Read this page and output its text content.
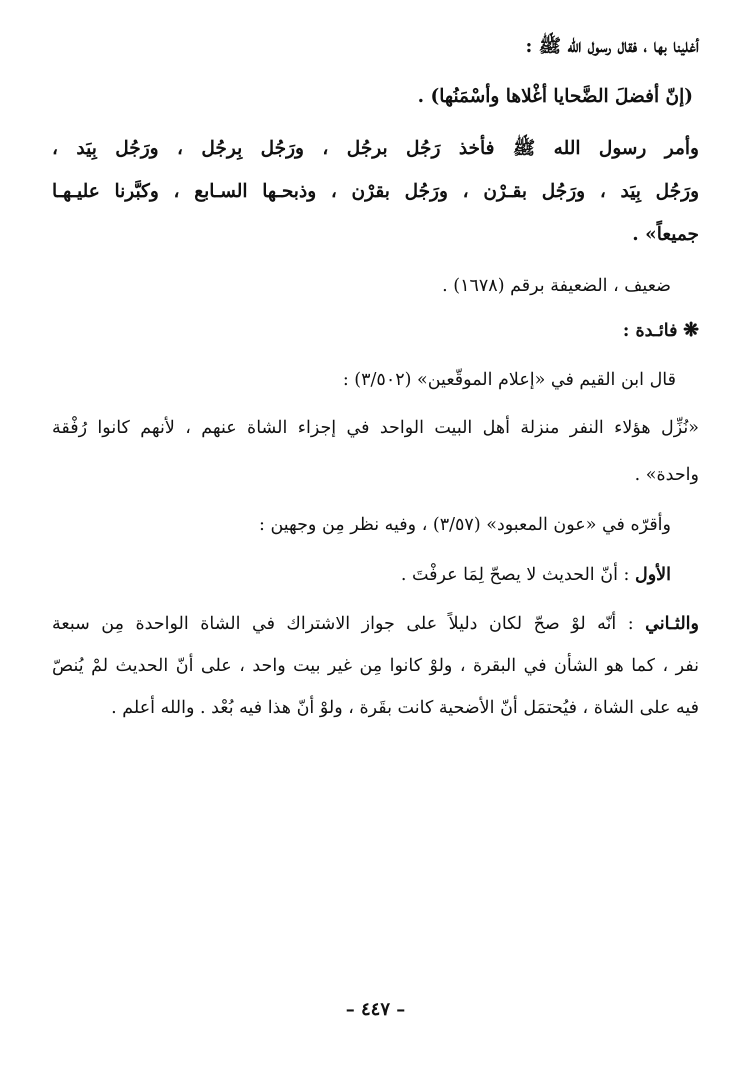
أغلينا بها ، فقال رسول الله ﷺ :
(إنّ أفضلَ الضَّحايا أغْلاها وأسْمَنُها) .
وأمر رسول الله ﷺ فأخذ رَجُل برجُل ، ورَجُل بِرجُل ، ورَجُل بِيَد ،
ورَجُل بِيَد ، ورَجُل بقـرْن ، ورَجُل بقرْن ، وذبحـها السـابع ، وكبَّرنا عليـهـا
جميعاً» .
ضعيف ، الضعيفة برقم (١٦٧٨) .
❋ فائـدة :
قال ابن القيم في «إعلام الموقّعين» (٣/٥٠٢) :
«نُزِّل هؤلاء النفر منزلة أهل البيت الواحد في إجزاء الشاة عنهم ، لأنهم كانوا رُفْقة
واحدة» .
وأقرّه في «عون المعبود» (٣/٥٧) ، وفيه نظر مِن وجهين :
الأول : أنّ الحديث لا يصحّ لِمَا عرفْتَ .
والثـاني : أنّه لوْ صحّ لكان دليلاً على جواز الاشتراك في الشاة الواحدة مِن سبعة
نفر ، كما هو الشأن في البقرة ، ولوْ كانوا مِن غير بيت واحد ، على أنّ الحديث لمْ يُنصّ
فيه على الشاة ، فيُحتمَل أنّ الأضحية كانت بقَرة ، ولوْ أنّ هذا فيه بُعْد . والله أعلم .
– ٤٤٧ –
